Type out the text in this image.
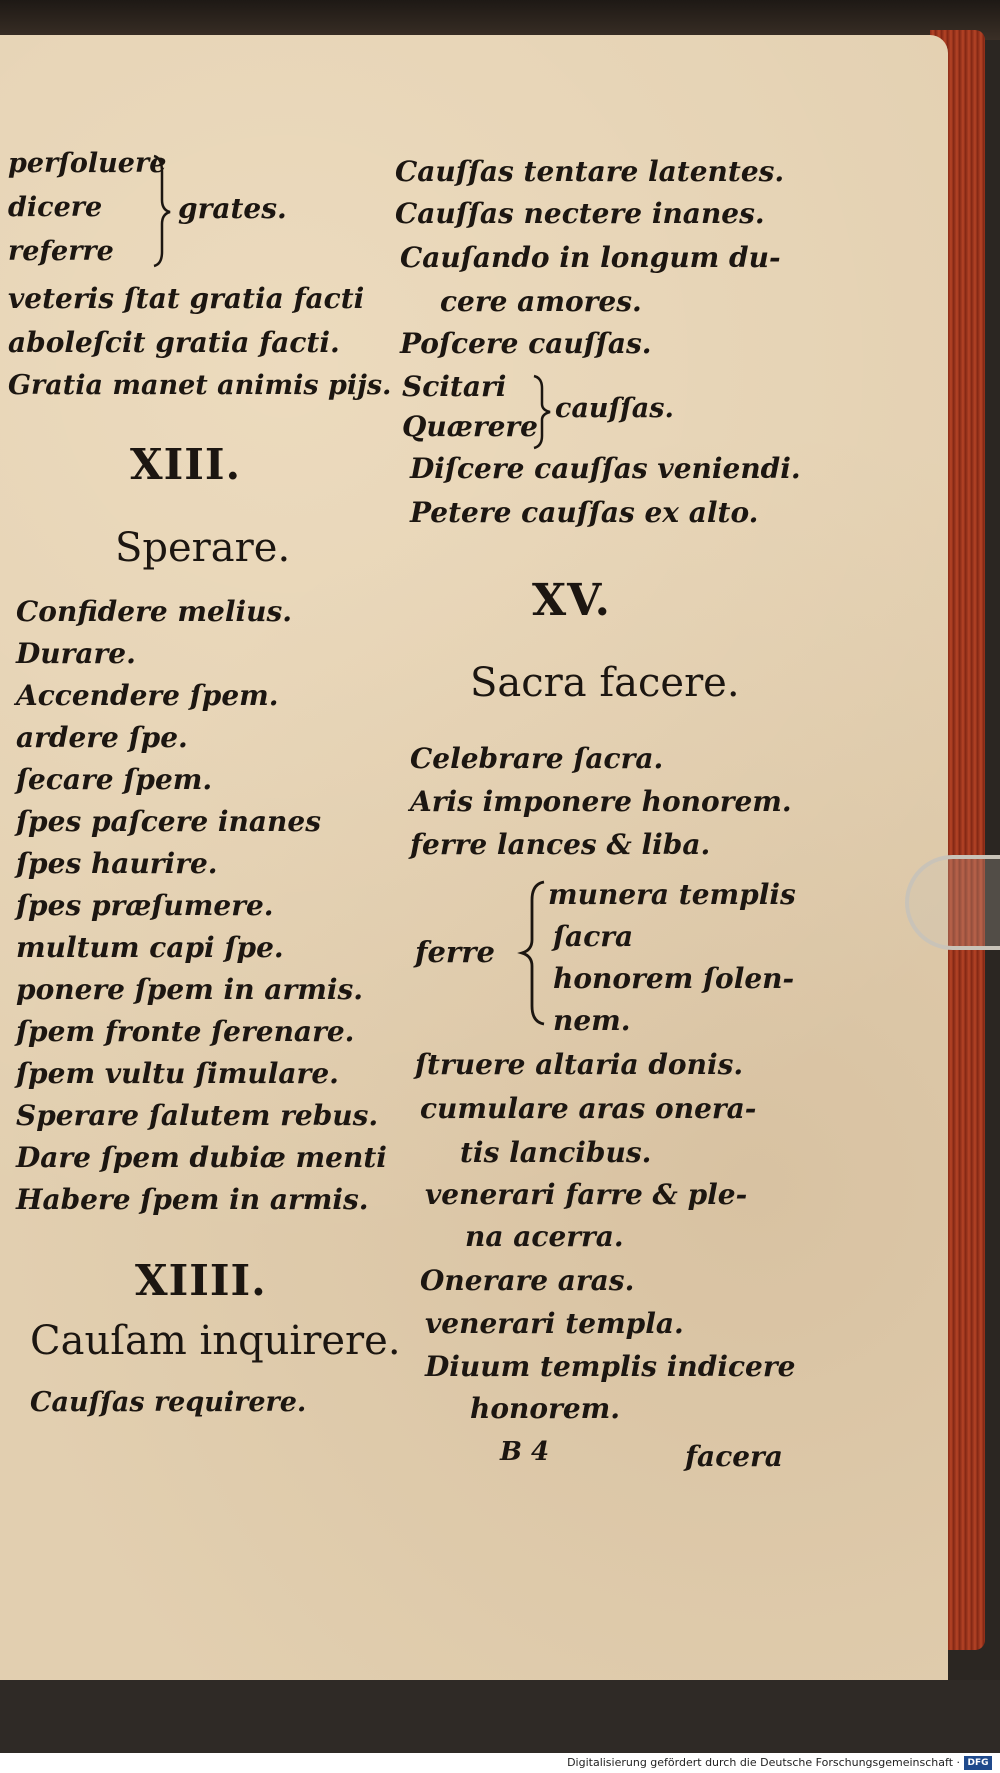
perſoluere
dicere
referre
grates.
veteris ſtat gratia facti
aboleſcit gratia facti.
Gratia manet animis pijs.
XIII.
Sperare.
Confidere melius.
Durare.
Accendere ſpem.
ardere ſpe.
ſecare ſpem.
ſpes paſcere inanes
ſpes haurire.
ſpes præſumere.
multum capi ſpe.
ponere ſpem in armis.
ſpem fronte ſerenare.
ſpem vultu ſimulare.
Sperare ſalutem rebus.
Dare ſpem dubiæ menti
Habere ſpem in armis.
XIIII.
Cauſam inquirere.
Cauſſas requirere.
Cauſſas tentare latentes.
Cauſſas nectere inanes.
Cauſando in longum du-
cere amores.
Poſcere cauſſas.
Scitari
Quærere
cauſſas.
Diſcere cauſſas veniendi.
Petere cauſſas ex alto.
XV.
Sacra facere.
Celebrare ſacra.
Aris imponere honorem.
ferre lances & liba.
ferre
munera templis
ſacra
honorem ſolen-
nem.
ſtruere altaria donis.
cumulare aras onera-
tis lancibus.
venerari farre & ple-
na acerra.
Onerare aras.
venerari templa.
Diuum templis indicere
honorem.
B 4	facera
Digitalisierung gefördert durch die Deutsche Forschungsgemeinschaft · DFG
